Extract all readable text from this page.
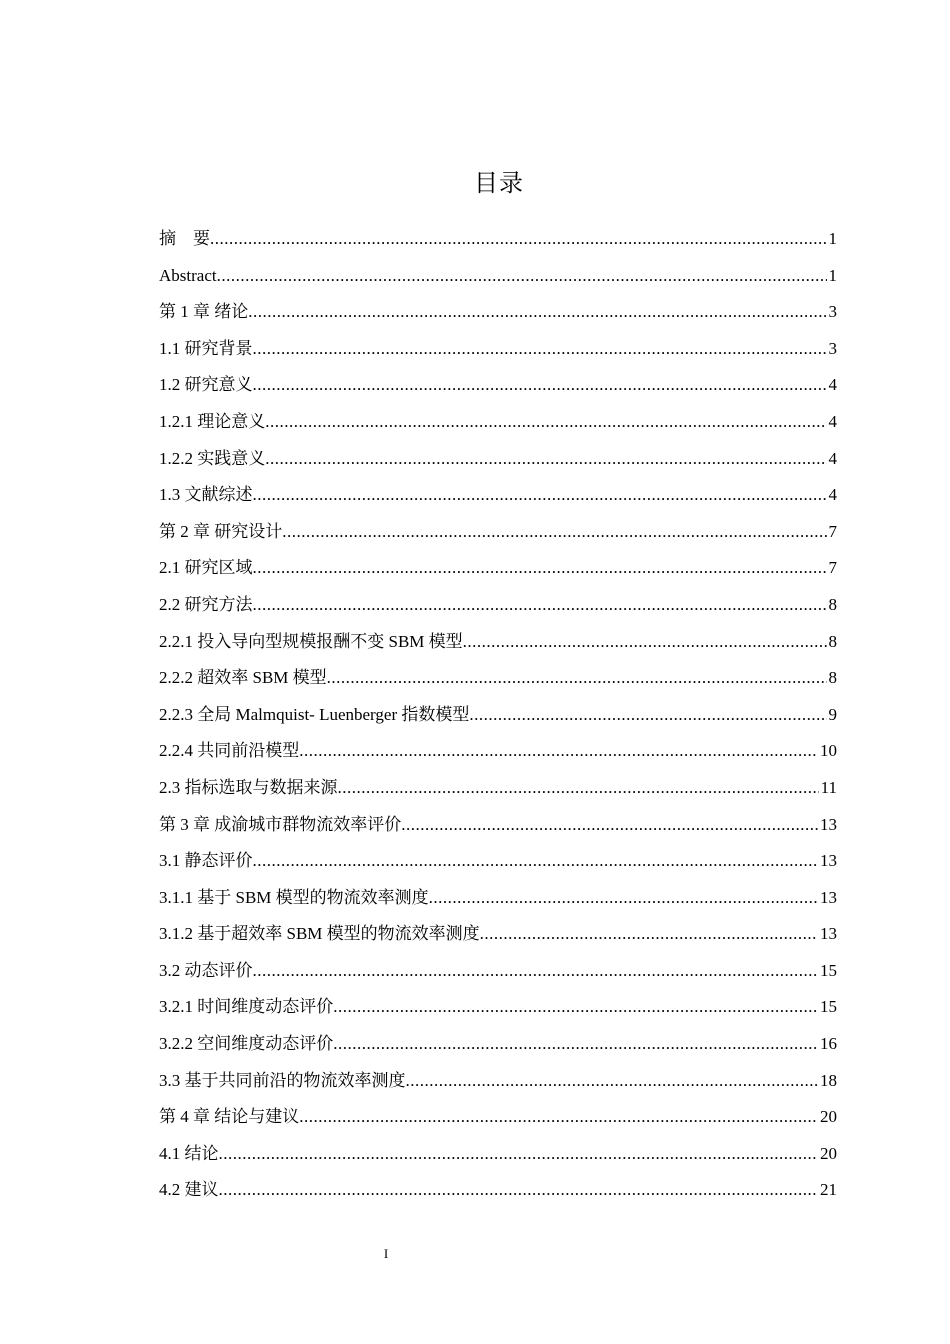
目录
摘　要 .....	1
Abstract .....	1
第 1 章 绪论 .....	3
1.1 研究背景 .....	3
1.2 研究意义 .....	4
1.2.1 理论意义 .....	4
1.2.2 实践意义 .....	4
1.3 文献综述 .....	4
第 2 章 研究设计 .....	7
2.1 研究区域 .....	7
2.2 研究方法 .....	8
2.2.1 投入导向型规模报酬不变 SBM 模型 .....	8
2.2.2 超效率 SBM 模型 .....	8
2.2.3 全局 Malmquist- Luenberger 指数模型 .....	9
2.2.4 共同前沿模型 .....	10
2.3 指标选取与数据来源 .....	11
第 3 章 成渝城市群物流效率评价 .....	13
3.1 静态评价 .....	13
3.1.1 基于 SBM 模型的物流效率测度 .....	13
3.1.2 基于超效率 SBM 模型的物流效率测度 .....	13
3.2 动态评价 .....	15
3.2.1 时间维度动态评价 .....	15
3.2.2 空间维度动态评价 .....	16
3.3 基于共同前沿的物流效率测度 .....	18
第 4 章 结论与建议 .....	20
4.1 结论 .....	20
4.2 建议 .....	21
I
